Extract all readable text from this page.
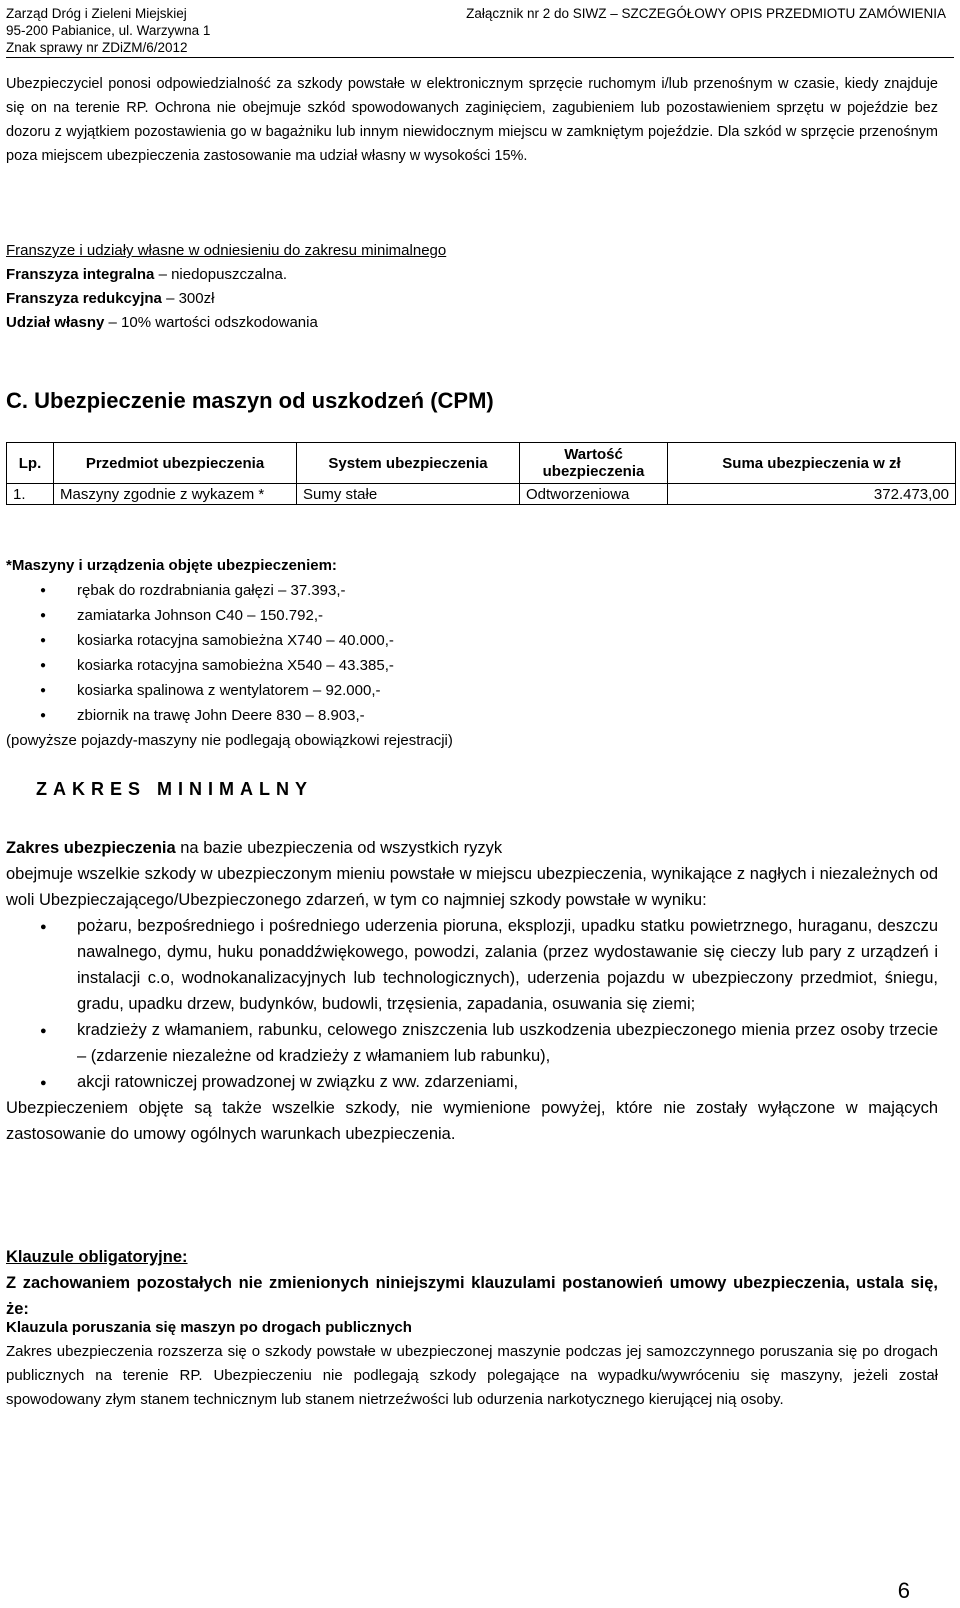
Zarząd Dróg i Zieleni Miejskiej
95-200 Pabianice, ul. Warzywna 1
Znak sprawy nr ZDiZM/6/2012
Załącznik nr 2 do SIWZ – SZCZEGÓŁOWY OPIS PRZEDMIOTU ZAMÓWIENIA
Ubezpieczyciel ponosi odpowiedzialność za szkody powstałe w elektronicznym sprzęcie ruchomym i/lub przenośnym w czasie, kiedy znajduje się on na terenie RP. Ochrona nie obejmuje szkód spowodowanych zaginięciem, zagubieniem lub pozostawieniem sprzętu w pojeździe bez dozoru z wyjątkiem pozostawienia go w bagażniku lub innym niewidocznym miejscu w zamkniętym pojeździe. Dla szkód w sprzęcie przenośnym poza miejscem ubezpieczenia zastosowanie ma udział własny w wysokości 15%.
Franszyze i udziały własne w odniesieniu do zakresu minimalnego
Franszyza integralna – niedopuszczalna.
Franszyza redukcyjna – 300zł
Udział własny – 10% wartości odszkodowania
C. Ubezpieczenie maszyn od uszkodzeń (CPM)
Lp.	Przedmiot ubezpieczenia	System ubezpieczenia	Wartość ubezpieczenia	Suma ubezpieczenia w zł
1.	Maszyny zgodnie z wykazem *	Sumy stałe	Odtworzeniowa	372.473,00
*Maszyny i urządzenia objęte ubezpieczeniem:
● rębak do rozdrabniania gałęzi – 37.393,-
● zamiatarka Johnson C40 – 150.792,-
● kosiarka rotacyjna samobieżna X740 – 40.000,-
● kosiarka rotacyjna samobieżna X540 – 43.385,-
● kosiarka spalinowa z wentylatorem – 92.000,-
● zbiornik na trawę John Deere 830 – 8.903,-
(powyższe pojazdy-maszyny nie podlegają obowiązkowi rejestracji)
ZAKRES MINIMALNY
Zakres ubezpieczenia na bazie ubezpieczenia od wszystkich ryzyk
obejmuje wszelkie szkody w ubezpieczonym mieniu powstałe w miejscu ubezpieczenia, wynikające z nagłych i niezależnych od woli Ubezpieczającego/Ubezpieczonego zdarzeń, w tym co najmniej szkody powstałe w wyniku:
● pożaru, bezpośredniego i pośredniego uderzenia pioruna, eksplozji, upadku statku powietrznego, huraganu, deszczu nawalnego, dymu, huku ponaddźwiękowego, powodzi, zalania (przez wydostawanie się cieczy lub pary z urządzeń i instalacji c.o, wodnokanalizacyjnych lub technologicznych), uderzenia pojazdu w ubezpieczony przedmiot, śniegu, gradu, upadku drzew, budynków, budowli, trzęsienia, zapadania, osuwania się ziemi;
● kradzieży z włamaniem, rabunku, celowego zniszczenia lub uszkodzenia ubezpieczonego mienia przez osoby trzecie – (zdarzenie niezależne od kradzieży z włamaniem lub rabunku),
● akcji ratowniczej prowadzonej w związku z ww. zdarzeniami,
Ubezpieczeniem objęte są także wszelkie szkody, nie wymienione powyżej, które nie zostały wyłączone w mających zastosowanie do umowy ogólnych warunkach ubezpieczenia.
Klauzule obligatoryjne:
Z zachowaniem pozostałych nie zmienionych niniejszymi klauzulami postanowień umowy ubezpieczenia, ustala się, że:
Klauzula poruszania się maszyn po drogach publicznych
Zakres ubezpieczenia rozszerza się o szkody powstałe w ubezpieczonej maszynie podczas jej samozczynnego poruszania się po drogach publicznych na terenie RP. Ubezpieczeniu nie podlegają szkody polegające na wypadku/wywróceniu się maszyny, jeżeli został spowodowany złym stanem technicznym lub stanem nietrzeźwości lub odurzenia narkotycznego kierującej nią osoby.
6
